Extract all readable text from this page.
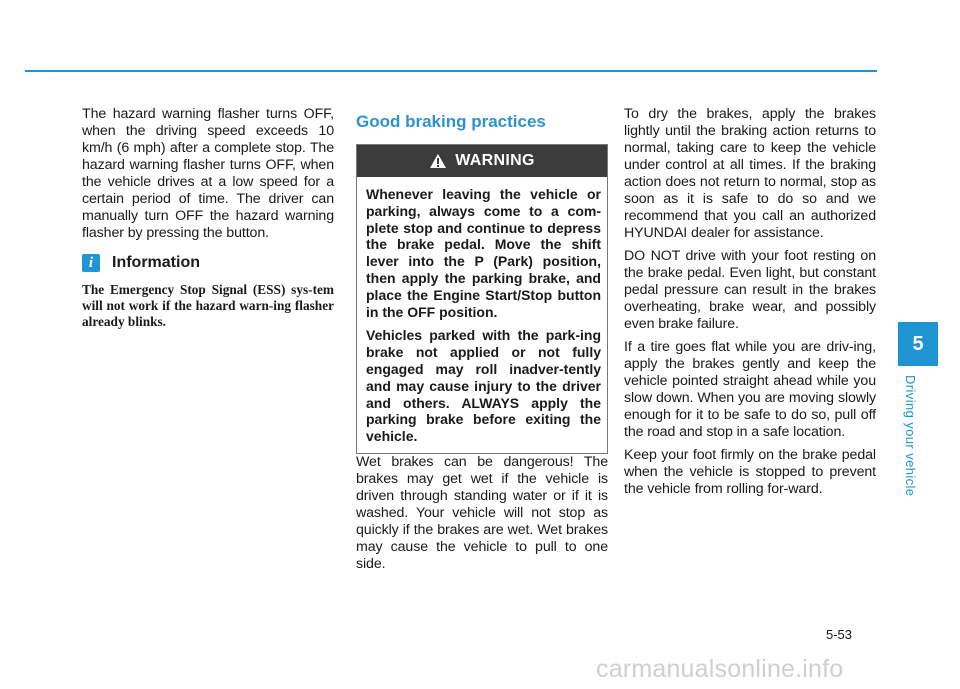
The hazard warning flasher turns OFF, when the driving speed exceeds 10 km/h (6 mph) after a complete stop. The hazard warning flasher turns OFF, when the vehicle drives at a low speed for a certain period of time. The driver can manually turn OFF the hazard warning flasher by pressing the button.

i	Information

The Emergency Stop Signal (ESS) sys-tem will not work if the hazard warn-ing flasher already blinks.

Good braking practices
WARNING

Whenever leaving the vehicle or parking, always come to a com-plete stop and continue to depress the brake pedal. Move the shift lever into the P (Park) position, then apply the parking brake, and place the Engine Start/Stop button in the OFF position.

Vehicles parked with the park-ing brake not applied or not fully engaged may roll inadver-tently and may cause injury to the driver and others. ALWAYS apply the parking brake before exiting the vehicle.

Wet brakes can be dangerous! The brakes may get wet if the vehicle is driven through standing water or if it is washed. Your vehicle will not stop as quickly if the brakes are wet. Wet brakes may cause the vehicle to pull to one side.

To dry the brakes, apply the brakes lightly until the braking action returns to normal, taking care to keep the vehicle under control at all times. If the braking action does not return to normal, stop as soon as it is safe to do so and we recommend that you call an authorized HYUNDAI dealer for assistance.

DO NOT drive with your foot resting on the brake pedal. Even light, but constant pedal pressure can result in the brakes overheating, brake wear, and possibly even brake failure.

If a tire goes flat while you are driv-ing, apply the brakes gently and keep the vehicle pointed straight ahead while you slow down. When you are moving slowly enough for it to be safe to do so, pull off the road and stop in a safe location.

Keep your foot firmly on the brake pedal when the vehicle is stopped to prevent the vehicle from rolling for-ward.

5
Driving your vehicle
5-53
carmanualsonline.info
